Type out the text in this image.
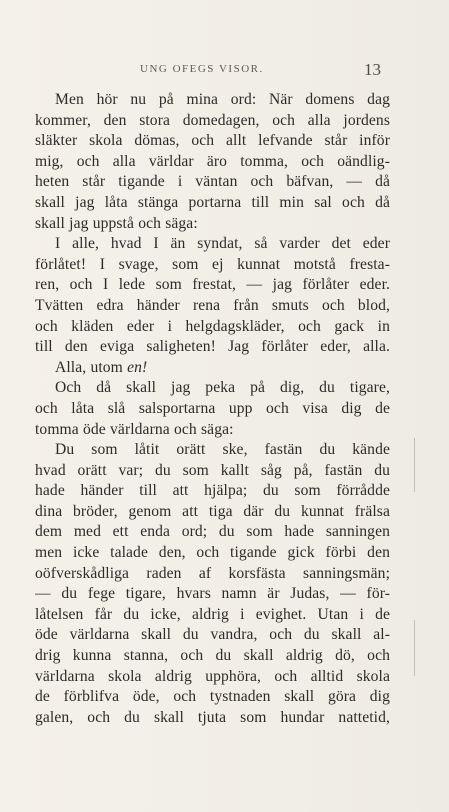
UNG OFEGS VISOR.	13
Men hör nu på mina ord: När domens dag
kommer, den stora domedagen, och alla jordens
släkter skola dömas, och allt lefvande står inför
mig, och alla världar äro tomma, och oändlig-
heten står tigande i väntan och bäfvan, — då
skall jag låta stänga portarna till min sal och då
skall jag uppstå och säga:
I alle, hvad I än syndat, så varder det eder
förlåtet! I svage, som ej kunnat motstå fresta-
ren, och I lede som frestat, — jag förlåter eder.
Tvätten edra händer rena från smuts och blod,
och kläden eder i helgdagskläder, och gack in
till den eviga saligheten! Jag förlåter eder, alla.
Alla, utom en!
Och då skall jag peka på dig, du tigare,
och låta slå salsportarna upp och visa dig de
tomma öde världarna och säga:
Du som låtit orätt ske, fastän du kände
hvad orätt var; du som kallt såg på, fastän du
hade händer till att hjälpa; du som förrådde
dina bröder, genom att tiga där du kunnat frälsa
dem med ett enda ord; du som hade sanningen
men icke talade den, och tigande gick förbi den
oöfverskådliga raden af korsfästa sanningsmän;
— du fege tigare, hvars namn är Judas, — för-
låtelsen får du icke, aldrig i evighet. Utan i de
öde världarna skall du vandra, och du skall al-
drig kunna stanna, och du skall aldrig dö, och
världarna skola aldrig upphöra, och alltid skola
de förblifva öde, och tystnaden skall göra dig
galen, och du skall tjuta som hundar nattetid,
